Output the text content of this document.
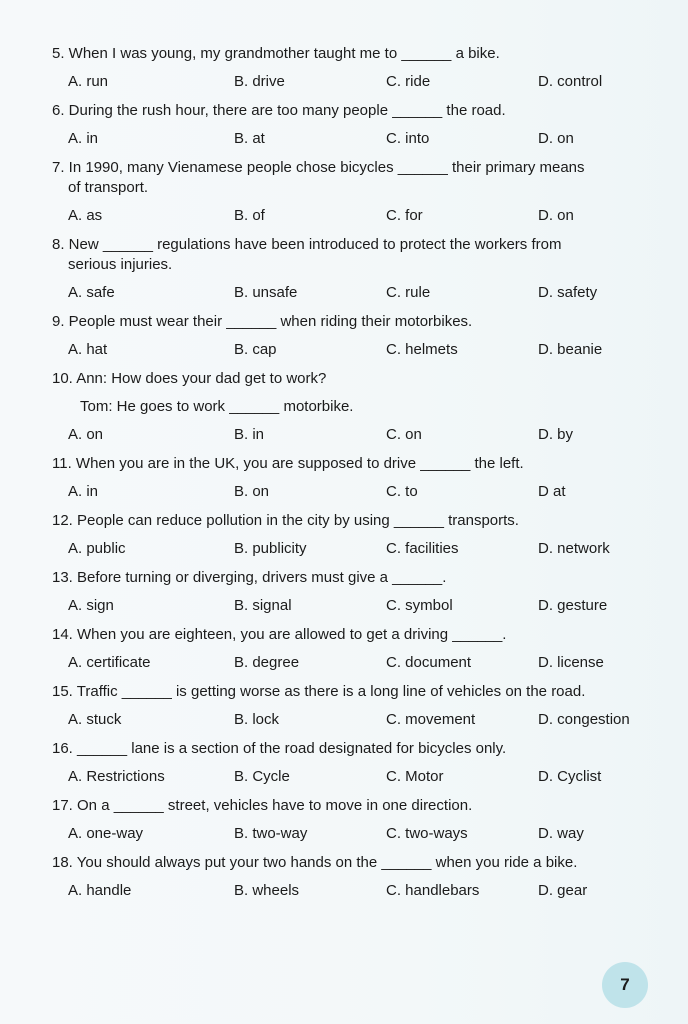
5. When I was young, my grandmother taught me to ______ a bike.

A. run	B. drive	C. ride	D. control

6. During the rush hour, there are too many people ______ the road.

A. in	B. at	C. into	D. on

7. In 1990, many Vienamese people chose bicycles ______ their primary means
of transport.

A. as	B. of	C. for	D. on

8. New ______ regulations have been introduced to protect the workers from
serious injuries.

A. safe	B. unsafe	C. rule	D. safety

9. People must wear their ______ when riding their motorbikes.

A. hat	B. cap	C. helmets	D. beanie

10. Ann: How does your dad get to work?

Tom: He goes to work ______ motorbike.

A. on	B. in	C. on	D. by

11. When you are in the UK, you are supposed to drive ______ the left.

A. in	B. on	C. to	D at

12. People can reduce pollution in the city by using ______ transports.

A. public	B. publicity	C. facilities	D. network

13. Before turning or diverging, drivers must give a ______.

A. sign	B. signal	C. symbol	D. gesture

14. When you are eighteen, you are allowed to get a driving ______.

A. certificate	B. degree	C. document	D. license

15. Traffic ______ is getting worse as there is a long line of vehicles on the road.

A. stuck	B. lock	C. movement	D. congestion

16. ______ lane is a section of the road designated for bicycles only.

A. Restrictions	B. Cycle	C. Motor	D. Cyclist

17. On a ______ street, vehicles have to move in one direction.

A. one-way	B. two-way	C. two-ways	D. way

18. You should always put your two hands on the ______ when you ride a bike.

A. handle	B. wheels	C. handlebars	D. gear
7
